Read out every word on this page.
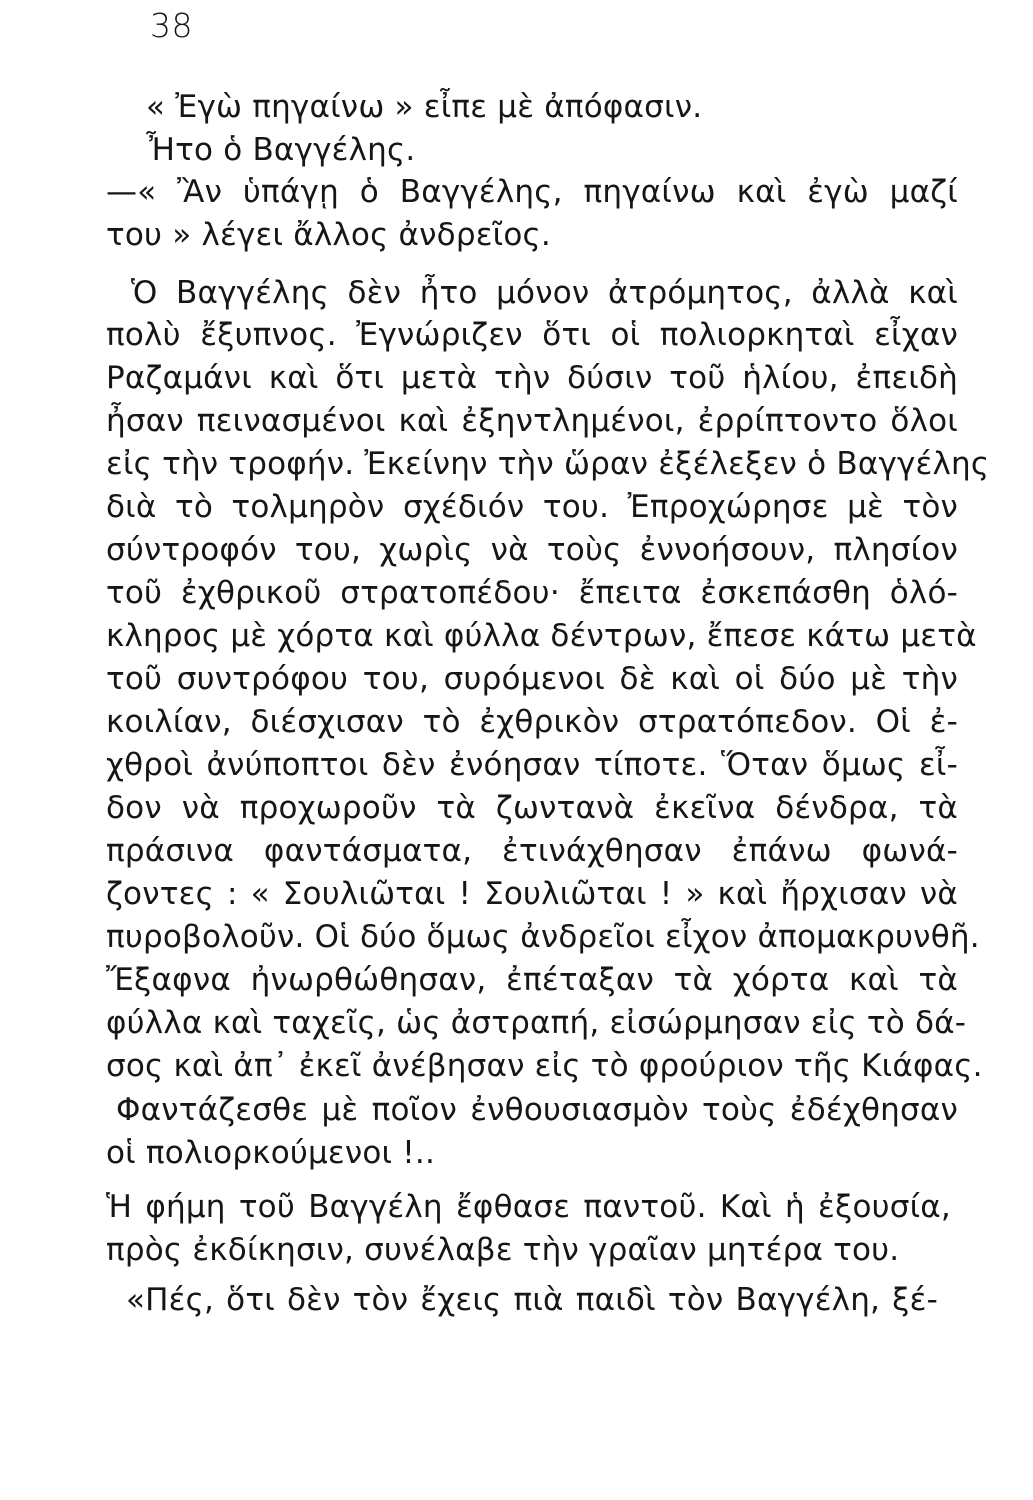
38
« Ἐγὼ πηγαίνω » εἶπε μὲ ἀπόφασιν.
Ἦτο ὁ Βαγγέλης.
—« Ἂν ὑπάγῃ ὁ Βαγγέλης, πηγαίνω καὶ ἐγὼ μαζί
του » λέγει ἄλλος ἀνδρεῖος.
Ὁ Βαγγέλης δὲν ἦτο μόνον ἀτρόμητος, ἀλλὰ καὶ
πολὺ ἔξυπνος. Ἐγνώριζεν ὅτι οἱ πολιορκηταὶ εἶχαν
Ραζαμάνι καὶ ὅτι μετὰ τὴν δύσιν τοῦ ἡλίου, ἐπειδὴ
ἦσαν πεινασμένοι καὶ ἐξηντλημένοι, ἐρρίπτοντο ὅλοι
εἰς τὴν τροφήν. Ἐκείνην τὴν ὥραν ἐξέλεξεν ὁ Βαγγέλης
διὰ τὸ τολμηρὸν σχέδιόν του. Ἐπροχώρησε μὲ τὸν
σύντροφόν του, χωρὶς νὰ τοὺς ἐννοήσουν, πλησίον
τοῦ ἐχθρικοῦ στρατοπέδου· ἔπειτα ἐσκεπάσθη ὁλό-
κληρος μὲ χόρτα καὶ φύλλα δέντρων, ἔπεσε κάτω μετὰ
τοῦ συντρόφου του, συρόμενοι δὲ καὶ οἱ δύο μὲ τὴν
κοιλίαν, διέσχισαν τὸ ἐχθρικὸν στρατόπεδον. Οἱ ἐ-
χθροὶ ἀνύποπτοι δὲν ἐνόησαν τίποτε. Ὅταν ὅμως εἶ-
δον νὰ προχωροῦν τὰ ζωντανὰ ἐκεῖνα δένδρα, τὰ
πράσινα φαντάσματα, ἐτινάχθησαν ἐπάνω φωνά-
ζοντες : « Σουλιῶται ! Σουλιῶται ! » καὶ ἤρχισαν νὰ
πυροβολοῦν. Οἱ δύο ὅμως ἀνδρεῖοι εἶχον ἀπομακρυνθῆ.
Ἔξαφνα ἠνωρθώθησαν, ἐπέταξαν τὰ χόρτα καὶ τὰ
φύλλα καὶ ταχεῖς, ὡς ἀστραπή, εἰσώρμησαν εἰς τὸ δά-
σος καὶ ἀπ᾽ ἐκεῖ ἀνέβησαν εἰς τὸ φρούριον τῆς Κιάφας.
Φαντάζεσθε μὲ ποῖον ἐνθουσιασμὸν τοὺς ἐδέχθησαν
οἱ πολιορκούμενοι !..
Ἡ φήμη τοῦ Βαγγέλη ἔφθασε παντοῦ. Καὶ ἡ ἐξουσία,
πρὸς ἐκδίκησιν, συνέλαβε τὴν γραῖαν μητέρα του.
«Πές, ὅτι δὲν τὸν ἔχεις πιὰ παιδὶ τὸν Βαγγέλη, ξέ-
